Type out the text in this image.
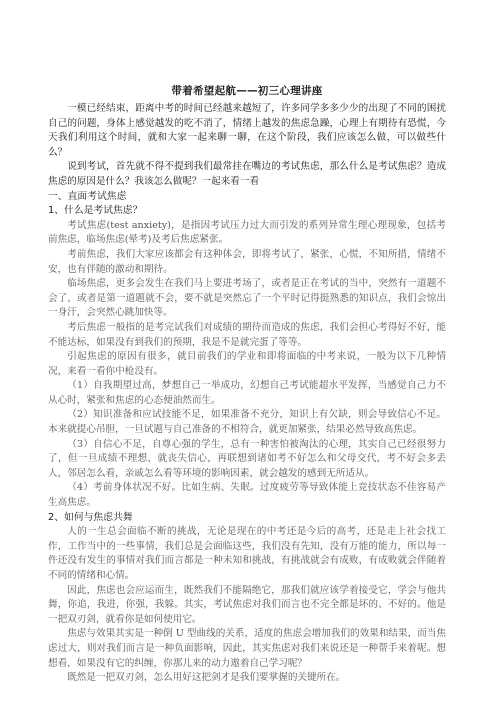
带着希望起航——初三心理讲座

一模已经结束，距离中考的时间已经越来越短了，许多同学多多少少的出现了不同的困扰自己的问题，身体上感觉越发的吃不消了，情绪上越发的焦虑急躁，心理上有期待有恐慌，今天我们利用这个时间，就和大家一起来聊一聊，在这个阶段，我们应该怎么做，可以做些什么？

说到考试，首先就不得不提到我们最常挂在嘴边的考试焦虑，那么什么是考试焦虑？造成焦虑的原因是什么？我该怎么做呢？一起来看一看

一、直面考试焦虑

1、什么是考试焦虑？

考试焦虑(test anxiety)，是指因考试压力过大而引发的系列异常生理心理现象，包括考前焦虑，临场焦虑(晕考)及考后焦虑紧张。

考前焦虑，我们大家应该都会有这种体会，即将考试了，紧张，心慌，不知所措，情绪不安，也有伴随的激动和期待。

临场焦虑，更多会发生在我们马上要进考场了，或者是正在考试的当中，突然有一道题不会了，或者是第一道题就不会，要不就是突然忘了一个平时记得挺熟悉的知识点，我们会惊出一身汗，会突然心跳加快等。

考后焦虑一般指的是考完试我们对成绩的期待而造成的焦虑，我们会担心考得好不好，能不能达标，如果没有到我们的预期，我是不是就完蛋了等等。

引起焦虑的原因有很多，就目前我们的学业和即将面临的中考来说，一般为以下几种情况，来看一看你中枪没有。

（1）自我期望过高，梦想自己一举成功，幻想自己考试能超水平发挥，当感觉自己力不从心时，紧张和焦虑的心态便油然而生。

（2）知识准备和应试技能不足，如果准备不充分，知识上有欠缺，则会导致信心不足。本来就提心吊胆，一旦试题与自己准备的不相符合，就更加紧张，结果必然导致高焦虑。

（3）自信心不足，自尊心强的学生，总有一种害怕被淘汰的心理，其实自己已经很努力了，但一旦成绩不理想，就丧失信心，再联想到诸如考不好怎么和父母交代，考不好会多丢人，邻居怎么看，亲戚怎么看等环境的影响因素，就会越发的感到无所适从。

（4）考前身体状况不好。比如生病、失眠。过度疲劳等导致体能上竞技状态不佳容易产生高焦虑。

2、如何与焦虑共舞

人的一生总会面临不断的挑战，无论是现在的中考还是今后的高考，还是走上社会找工作，工作当中的一些事情，我们总是会面临这些，我们没有先知，没有万能的能力，所以每一件还没有发生的事情对我们而言都是一种未知和挑战，有挑战就会有成败，有成败就会伴随着不同的情绪和心情。

因此，焦虑也会应运而生，既然我们不能隔绝它，那我们就应该学着接受它，学会与他共舞，你追，我进，你强，我躲。其实，考试焦虑对我们而言也不完全都是坏的、不好的。他是一把双刃剑，就看你是如何使用它。

焦虑与效果其实是一种倒 U 型曲线的关系，适度的焦虑会增加我们的效果和结果，而当焦虑过大，则对我们而言是一种负面影响，因此，其实焦虑对我们来说还是一种帮手来着呢。想想看，如果没有它的纠缠，你那儿来的动力遨着自己学习呢？

既然是一把双刃剑，怎么用好这把剑才是我们要掌握的关键所在。
